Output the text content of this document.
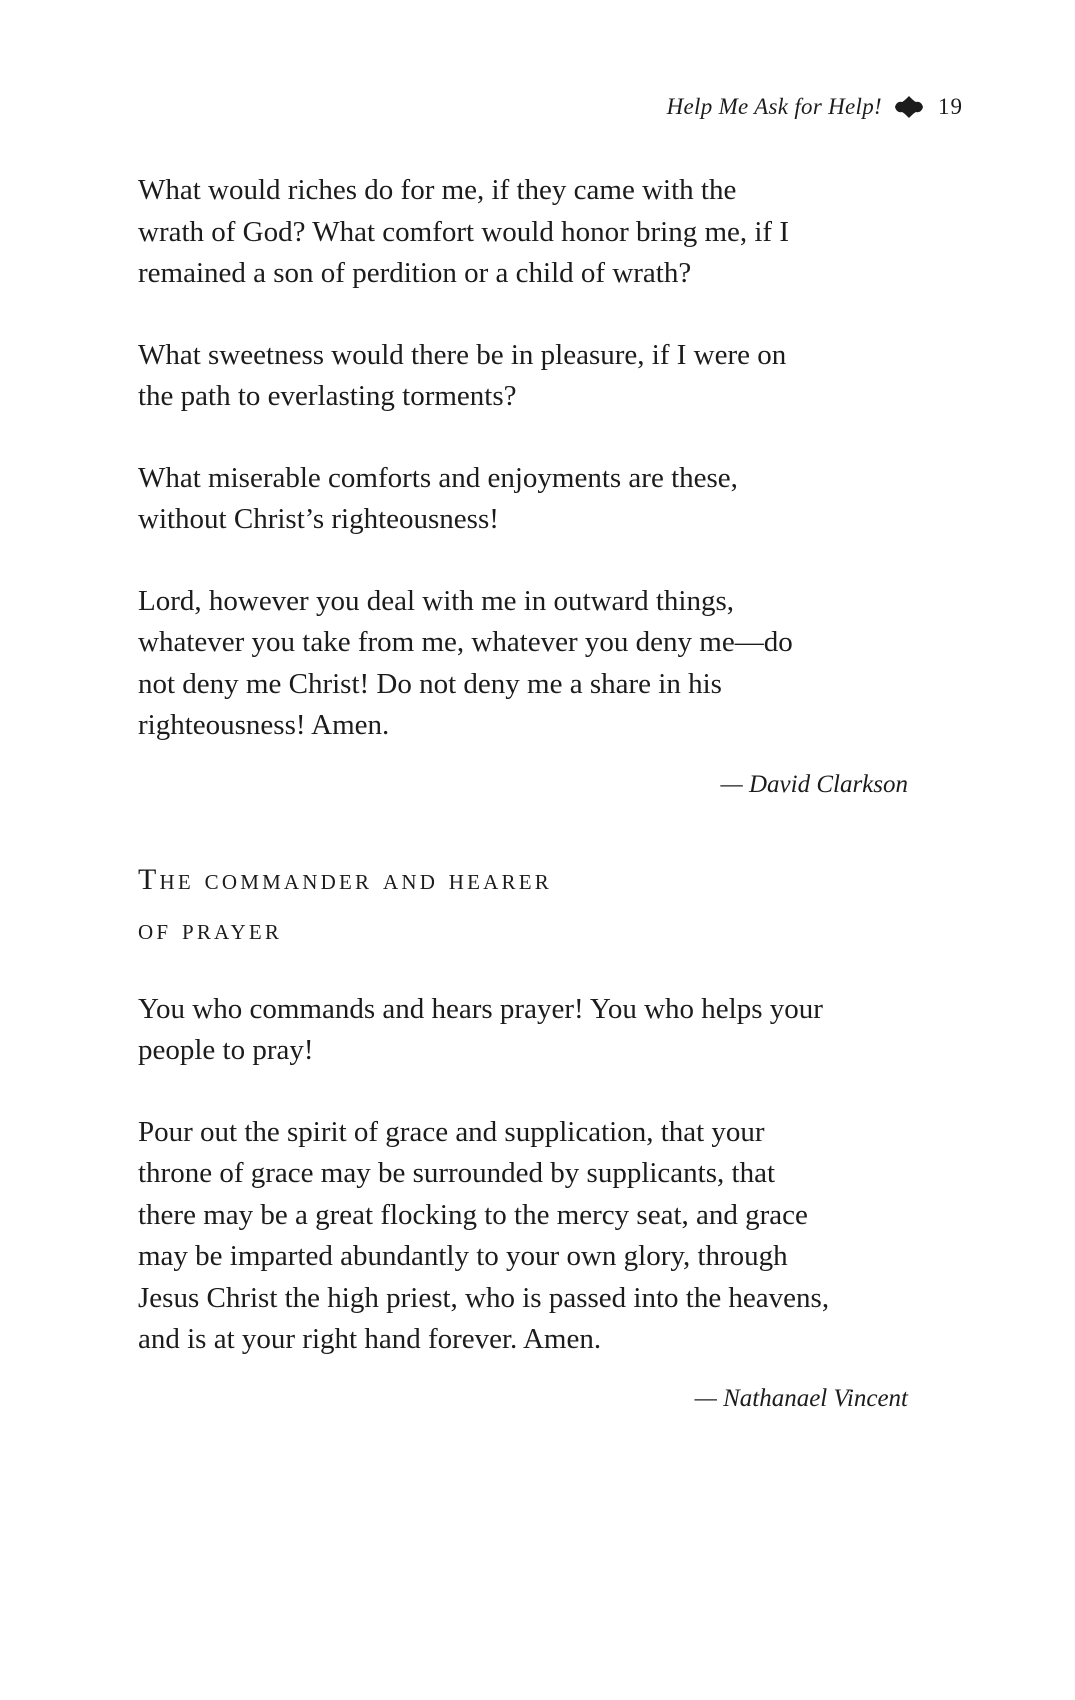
Help Me Ask for Help! 19
What would riches do for me, if they came with the
wrath of God? What comfort would honor bring me, if I
remained a son of perdition or a child of wrath?
What sweetness would there be in pleasure, if I were on
the path to everlasting torments?
What miserable comforts and enjoyments are these,
without Christ’s righteousness!
Lord, however you deal with me in outward things,
whatever you take from me, whatever you deny me—do
not deny me Christ! Do not deny me a share in his
righteousness! Amen.
— David Clarkson
The commander and hearer
of prayer
You who commands and hears prayer! You who helps your
people to pray!
Pour out the spirit of grace and supplication, that your
throne of grace may be surrounded by supplicants, that
there may be a great flocking to the mercy seat, and grace
may be imparted abundantly to your own glory, through
Jesus Christ the high priest, who is passed into the heavens,
and is at your right hand forever. Amen.
— Nathanael Vincent
